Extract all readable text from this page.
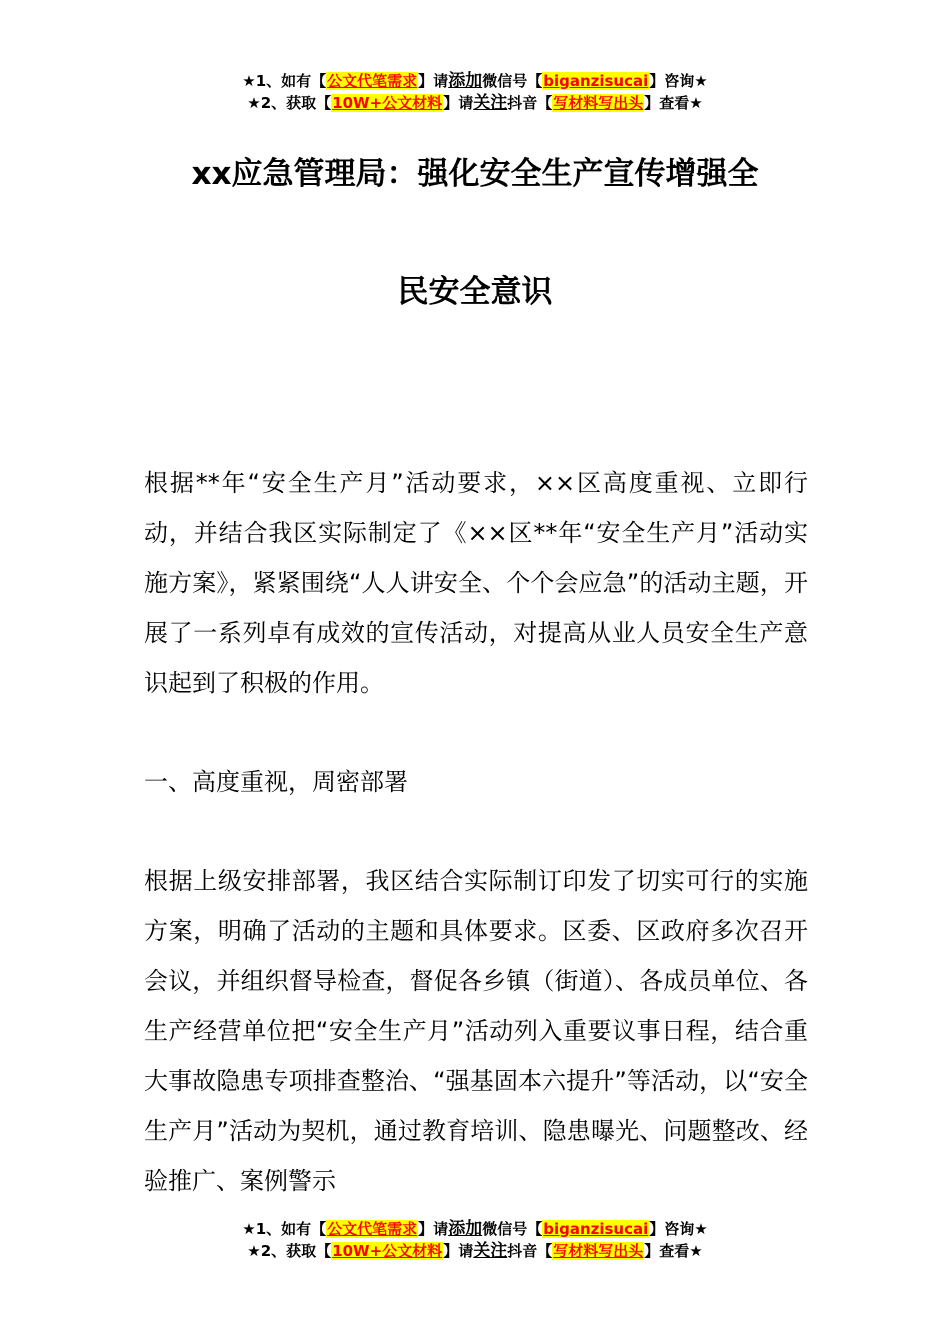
★1、如有【公文代笔需求】请添加微信号【biganzisucai】咨询★
★2、获取【10W+公文材料】请关注抖音【写材料写出头】查看★
xx应急管理局：强化安全生产宣传增强全
民安全意识

根据**年“安全生产月”活动要求，××区高度重视、立即行动，并结合我区实际制定了《××区**年“安全生产月”活动实施方案》，紧紧围绕“人人讲安全、个个会应急”的活动主题，开展了一系列卓有成效的宣传活动，对提高从业人员安全生产意识起到了积极的作用。

一、高度重视，周密部署

根据上级安排部署，我区结合实际制订印发了切实可行的实施方案，明确了活动的主题和具体要求。区委、区政府多次召开会议，并组织督导检查，督促各乡镇（街道）、各成员单位、各生产经营单位把“安全生产月”活动列入重要议事日程，结合重大事故隐患专项排查整治、“强基固本六提升”等活动，以“安全生产月”活动为契机，通过教育培训、隐患曝光、问题整改、经验推广、案例警示

★1、如有【公文代笔需求】请添加微信号【biganzisucai】咨询★
★2、获取【10W+公文材料】请关注抖音【写材料写出头】查看★
